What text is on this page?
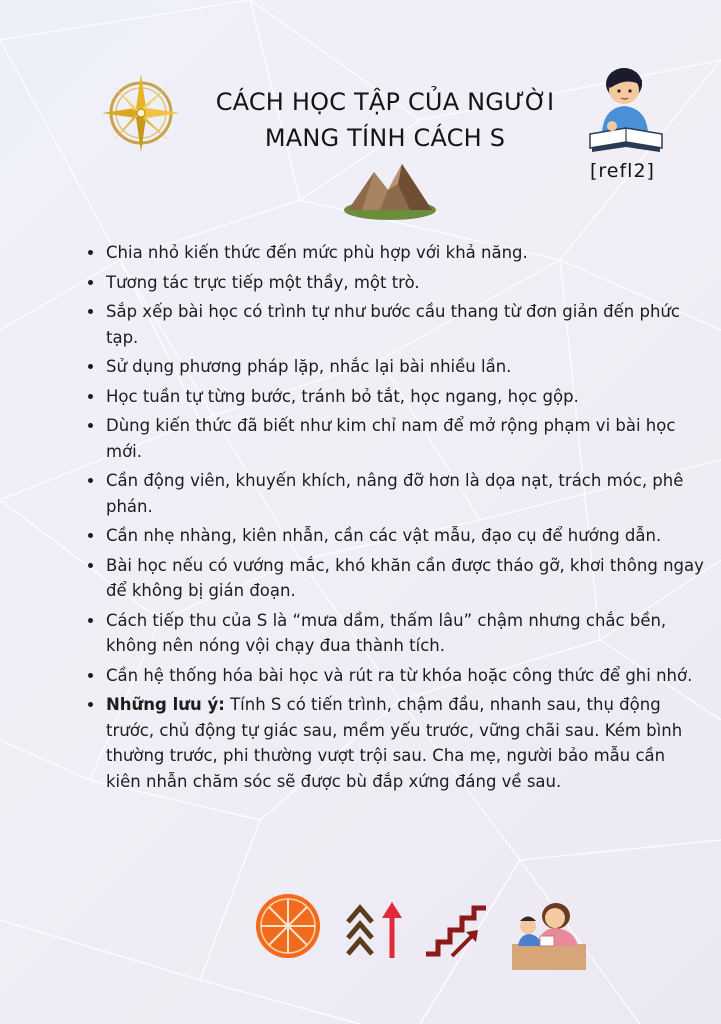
CÁCH HỌC TẬP CỦA NGƯỜI
MANG TÍNH CÁCH S
[refl2]
• Chia nhỏ kiến thức đến mức phù hợp với khả năng.
• Tương tác trực tiếp một thầy, một trò.
• Sắp xếp bài học có trình tự như bước cầu thang từ đơn giản đến phức tạp.
• Sử dụng phương pháp lặp, nhắc lại bài nhiều lần.
• Học tuần tự từng bước, tránh bỏ tắt, học ngang, học gộp.
• Dùng kiến thức đã biết như kim chỉ nam để mở rộng phạm vi bài học mới.
• Cần động viên, khuyến khích, nâng đỡ hơn là dọa nạt, trách móc, phê phán.
• Cần nhẹ nhàng, kiên nhẫn, cần các vật mẫu, đạo cụ để hướng dẫn.
• Bài học nếu có vướng mắc, khó khăn cần được tháo gỡ, khơi thông ngay để không bị gián đoạn.
• Cách tiếp thu của S là “mưa dầm, thấm lâu” chậm nhưng chắc bền, không nên nóng vội chạy đua thành tích.
• Cần hệ thống hóa bài học và rút ra từ khóa hoặc công thức để ghi nhớ.
• Những lưu ý: Tính S có tiến trình, chậm đầu, nhanh sau, thụ động trước, chủ động tự giác sau, mềm yếu trước, vững chãi sau. Kém bình thường trước, phi thường vượt trội sau. Cha mẹ, người bảo mẫu cần kiên nhẫn chăm sóc sẽ được bù đắp xứng đáng về sau.
